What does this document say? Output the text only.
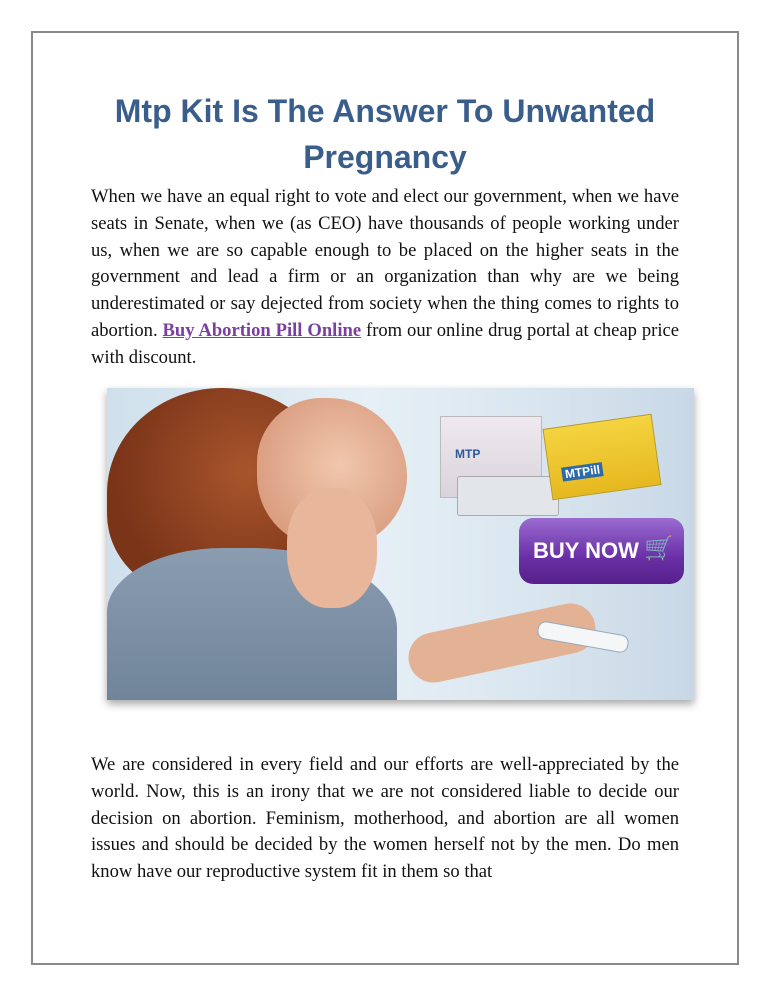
Mtp Kit Is The Answer To Unwanted Pregnancy

When we have an equal right to vote and elect our government, when we have seats in Senate, when we (as CEO) have thousands of people working under us, when we are so capable enough to be placed on the higher seats in the government and lead a firm or an organization than why are we being underestimated or say dejected from society when the thing comes to rights to abortion. Buy Abortion Pill Online from our online drug portal at cheap price with discount.

MTP
MTPill
BUY NOW 🛒

We are considered in every field and our efforts are well-appreciated by the world. Now, this is an irony that we are not considered liable to decide our decision on abortion. Feminism, motherhood, and abortion are all women issues and should be decided by the women herself not by the men. Do men know have our reproductive system fit in them so that
